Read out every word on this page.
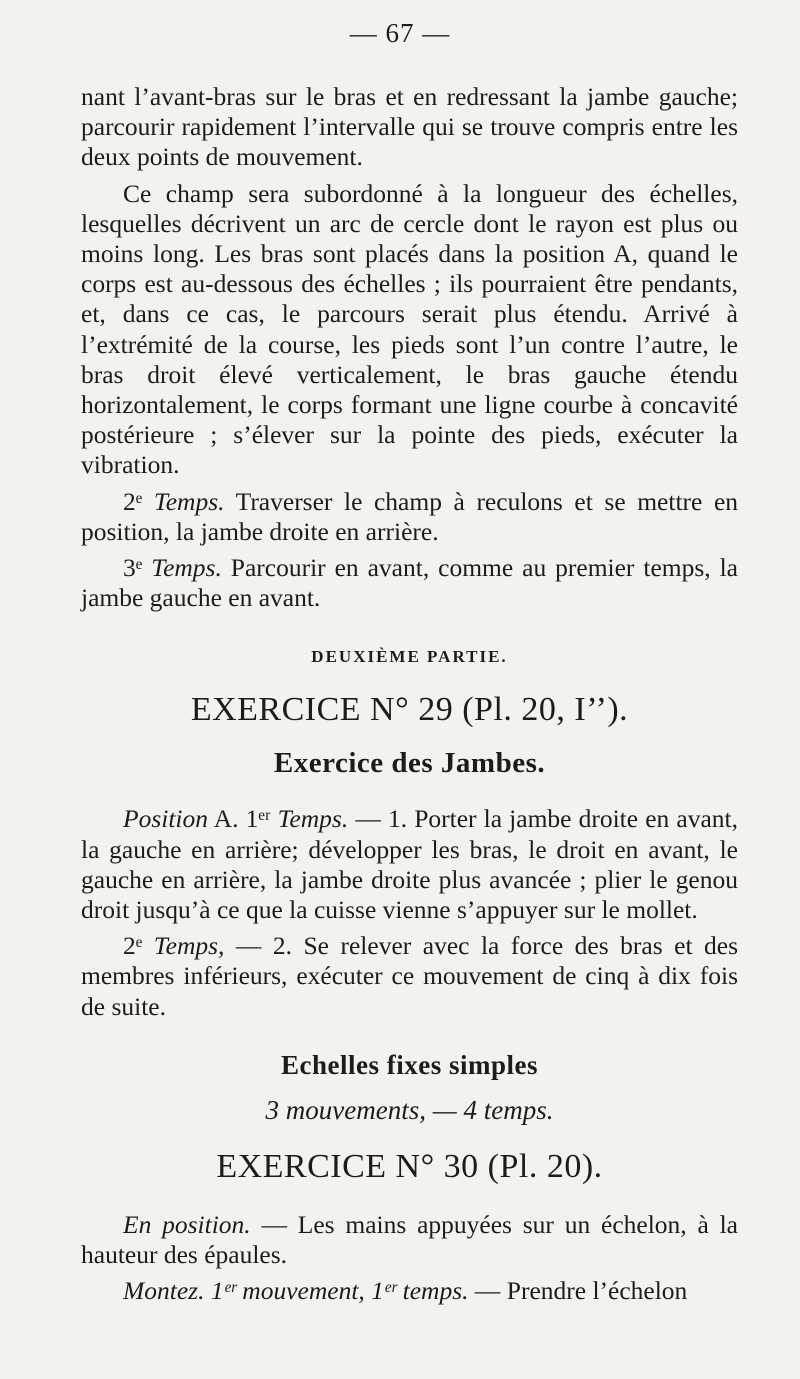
— 67 —

nant l’avant-bras sur le bras et en redressant la jambe gauche; parcourir rapidement l’intervalle qui se trouve compris entre les deux points de mouvement.

Ce champ sera subordonné à la longueur des échelles, lesquelles décrivent un arc de cercle dont le rayon est plus ou moins long. Les bras sont placés dans la position A, quand le corps est au-dessous des échelles ; ils pourraient être pendants, et, dans ce cas, le parcours serait plus étendu. Arrivé à l’extrémité de la course, les pieds sont l’un contre l’autre, le bras droit élevé verticalement, le bras gauche étendu horizontalement, le corps formant une ligne courbe à concavité postérieure ; s’élever sur la pointe des pieds, exécuter la vibration.

2ᵉ Temps. Traverser le champ à reculons et se mettre en position, la jambe droite en arrière.

3ᵉ Temps. Parcourir en avant, comme au premier temps, la jambe gauche en avant.

DEUXIÈME PARTIE.
EXERCICE N° 29 (Pl. 20, I’’).
Exercice des Jambes.

Position A. 1ᵉʳ Temps. — 1. Porter la jambe droite en avant, la gauche en arrière; développer les bras, le droit en avant, le gauche en arrière, la jambe droite plus avancée ; plier le genou droit jusqu’à ce que la cuisse vienne s’appuyer sur le mollet.

2ᵉ Temps, — 2. Se relever avec la force des bras et des membres inférieurs, exécuter ce mouvement de cinq à dix fois de suite.

Echelles fixes simples
3 mouvements, — 4 temps.
EXERCICE N° 30 (Pl. 20).

En position. — Les mains appuyées sur un échelon, à la hauteur des épaules.

Montez. 1ᵉʳ mouvement, 1ᵉʳ temps. — Prendre l’échelon
